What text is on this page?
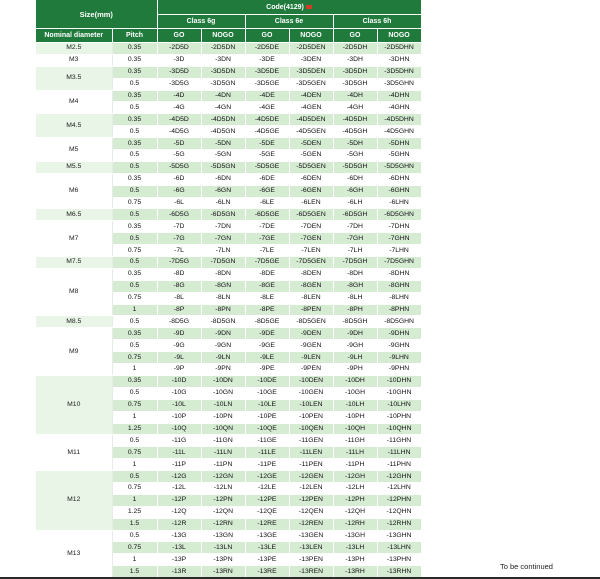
Size(mm)		Code(4129)					
		Class 6g		Class 6e		Class 6h	
Nominal diameter	Pitch	GO	NOGO	GO	NOGO	GO	NOGO
M2.5	0.35	-2D5D	-2D5DN	-2D5DE	-2D5DEN	-2D5DH	-2D5DHN
M3	0.35	-3D	-3DN	-3DE	-3DEN	-3DH	-3DHN
M3.5	0.35	-3D5D	-3D5DN	-3D5DE	-3D5DEN	-3D5DH	-3D5DHN
	0.5	-3D5G	-3D5GN	-3D5GE	-3D5GEN	-3D5GH	-3D5GHN
M4	0.35	-4D	-4DN	-4DE	-4DEN	-4DH	-4DHN
	0.5	-4G	-4GN	-4GE	-4GEN	-4GH	-4GHN
M4.5	0.35	-4D5D	-4D5DN	-4D5DE	-4D5DEN	-4D5DH	-4D5DHN
	0.5	-4D5G	-4D5GN	-4D5GE	-4D5GEN	-4D5GH	-4D5GHN
M5	0.35	-5D	-5DN	-5DE	-5DEN	-5DH	-5DHN
	0.5	-5G	-5GN	-5GE	-5GEN	-5GH	-5GHN
M5.5	0.5	-5D5G	-5D5GN	-5D5GE	-5D5GEN	-5D5GH	-5D5GHN
M6	0.35	-6D	-6DN	-6DE	-6DEN	-6DH	-6DHN
	0.5	-6G	-6GN	-6GE	-6GEN	-6GH	-6GHN
	0.75	-6L	-6LN	-6LE	-6LEN	-6LH	-6LHN
M6.5	0.5	-6D5G	-6D5GN	-6D5GE	-6D5GEN	-6D5GH	-6D5GHN
M7	0.35	-7D	-7DN	-7DE	-7DEN	-7DH	-7DHN
	0.5	-7G	-7GN	-7GE	-7GEN	-7GH	-7GHN
	0.75	-7L	-7LN	-7LE	-7LEN	-7LH	-7LHN
M7.5	0.5	-7D5G	-7D5GN	-7D5GE	-7D5GEN	-7D5GH	-7D5GHN
M8	0.35	-8D	-8DN	-8DE	-8DEN	-8DH	-8DHN
	0.5	-8G	-8GN	-8GE	-8GEN	-8GH	-8GHN
	0.75	-8L	-8LN	-8LE	-8LEN	-8LH	-8LHN
	1	-8P	-8PN	-8PE	-8PEN	-8PH	-8PHN
M8.5	0.5	-8D5G	-8D5GN	-8D5GE	-8D5GEN	-8D5GH	-8D5GHN
M9	0.35	-9D	-9DN	-9DE	-9DEN	-9DH	-9DHN
	0.5	-9G	-9GN	-9GE	-9GEN	-9GH	-9GHN
	0.75	-9L	-9LN	-9LE	-9LEN	-9LH	-9LHN
	1	-9P	-9PN	-9PE	-9PEN	-9PH	-9PHN
M10	0.35	-10D	-10DN	-10DE	-10DEN	-10DH	-10DHN
	0.5	-10G	-10GN	-10GE	-10GEN	-10GH	-10GHN
	0.75	-10L	-10LN	-10LE	-10LEN	-10LH	-10LHN
	1	-10P	-10PN	-10PE	-10PEN	-10PH	-10PHN
	1.25	-10Q	-10QN	-10QE	-10QEN	-10QH	-10QHN
M11	0.5	-11G	-11GN	-11GE	-11GEN	-11GH	-11GHN
	0.75	-11L	-11LN	-11LE	-11LEN	-11LH	-11LHN
	1	-11P	-11PN	-11PE	-11PEN	-11PH	-11PHN
M12	0.5	-12G	-12GN	-12GE	-12GEN	-12GH	-12GHN
	0.75	-12L	-12LN	-12LE	-12LEN	-12LH	-12LHN
	1	-12P	-12PN	-12PE	-12PEN	-12PH	-12PHN
	1.25	-12Q	-12QN	-12QE	-12QEN	-12QH	-12QHN
	1.5	-12R	-12RN	-12RE	-12REN	-12RH	-12RHN
M13	0.5	-13G	-13GN	-13GE	-13GEN	-13GH	-13GHN
	0.75	-13L	-13LN	-13LE	-13LEN	-13LH	-13LHN
	1	-13P	-13PN	-13PE	-13PEN	-13PH	-13PHN
	1.5	-13R	-13RN	-13RE	-13REN	-13RH	-13RHN
To be continued
